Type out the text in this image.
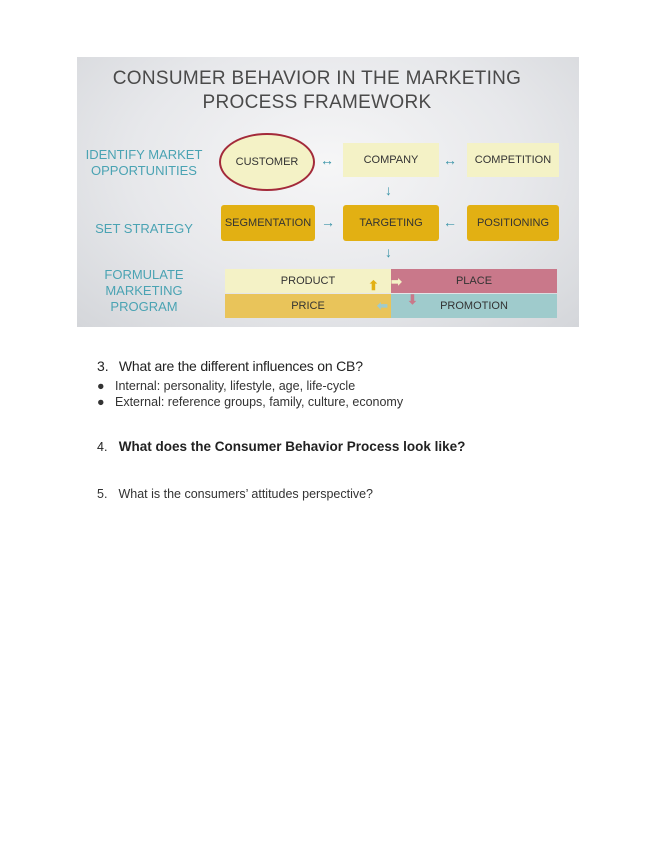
CONSUMER BEHAVIOR IN THE MARKETING
PROCESS FRAMEWORK
IDENTIFY MARKET
OPPORTUNITIES
SET STRATEGY
FORMULATE
MARKETING
PROGRAM
CUSTOMER	↔	COMPANY	↔	COMPETITION
↓
SEGMENTATION →	TARGETING	←	POSITIONING
↓
PRODUCT	PLACE
PRICE	PROMOTION
⬆ ➡
⬇
⬅
3. What are the different influences on CB?
● Internal: personality, lifestyle, age, life-cycle
● External: reference groups, family, culture, economy
4. What does the Consumer Behavior Process look like?
5. What is the consumers’ attitudes perspective?
